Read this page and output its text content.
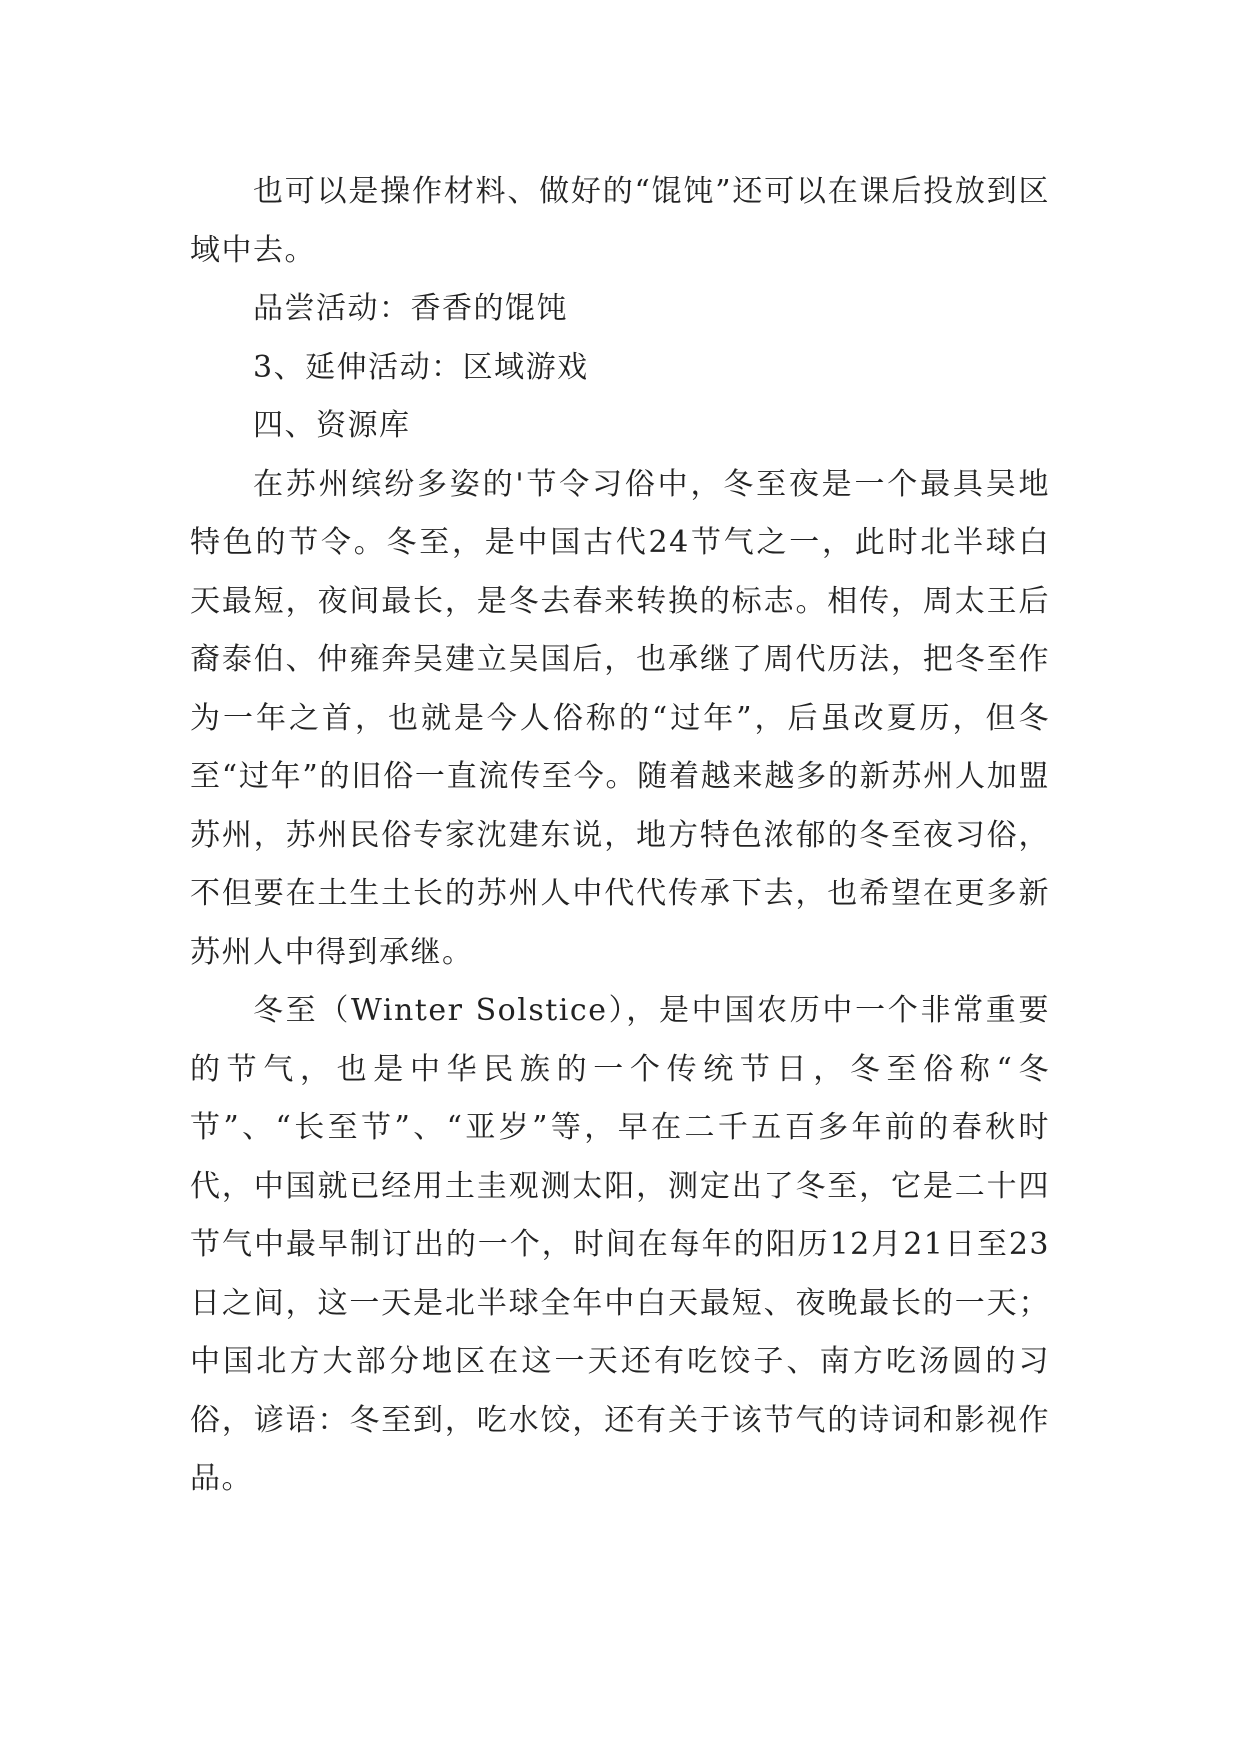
也可以是操作材料、做好的“馄饨”还可以在课后投放到区域中去。

品尝活动：香香的馄饨

3、延伸活动：区域游戏

四、资源库

在苏州缤纷多姿的'节令习俗中，冬至夜是一个最具吴地特色的节令。冬至，是中国古代24节气之一，此时北半球白天最短，夜间最长，是冬去春来转换的标志。相传，周太王后裔泰伯、仲雍奔吴建立吴国后，也承继了周代历法，把冬至作为一年之首，也就是今人俗称的“过年”，后虽改夏历，但冬至“过年”的旧俗一直流传至今。随着越来越多的新苏州人加盟苏州，苏州民俗专家沈建东说，地方特色浓郁的冬至夜习俗，不但要在土生土长的苏州人中代代传承下去，也希望在更多新苏州人中得到承继。

冬至（Winter Solstice），是中国农历中一个非常重要的节气，也是中华民族的一个传统节日，冬至俗称“冬节”、“长至节”、“亚岁”等，早在二千五百多年前的春秋时代，中国就已经用土圭观测太阳，测定出了冬至，它是二十四节气中最早制订出的一个，时间在每年的阳历12月21日至23日之间，这一天是北半球全年中白天最短、夜晚最长的一天；中国北方大部分地区在这一天还有吃饺子、南方吃汤圆的习俗，谚语：冬至到，吃水饺，还有关于该节气的诗词和影视作品。
